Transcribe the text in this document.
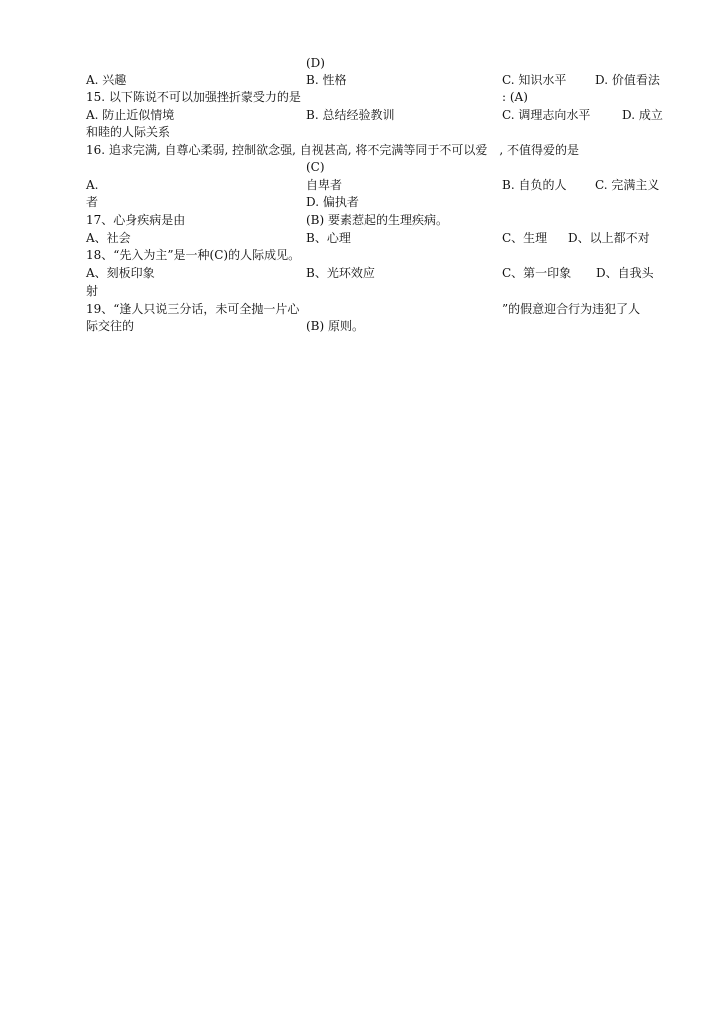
(D)
A. 兴趣	B. 性格	C. 知识水平 D. 价值看法
15. 以下陈说不可以加强挫折蒙受力的是	: (A)
A. 防止近似情境	B. 总结经验教训	C. 调理志向水平	D. 成立
和睦的人际关系
16. 追求完满, 自尊心柔弱, 控制欲念强, 自视甚高, 将不完满等同于不可以爱　, 不值得爱的是
(C)
A.	自卑者	B. 自负的人 C. 完满主义
者	D. 偏执者
17、心身疾病是由	(B) 要素惹起的生理疾病。
A、社会	B、心理	C、生理 D、以上都不对
18、“先入为主”是一种(C)的人际成见。
A、刻板印象	B、光环效应	C、第一印象 D、自我头
射
19、“逢人只说三分话，未可全抛一片心	”的假意迎合行为违犯了人
际交往的	(B) 原则。
